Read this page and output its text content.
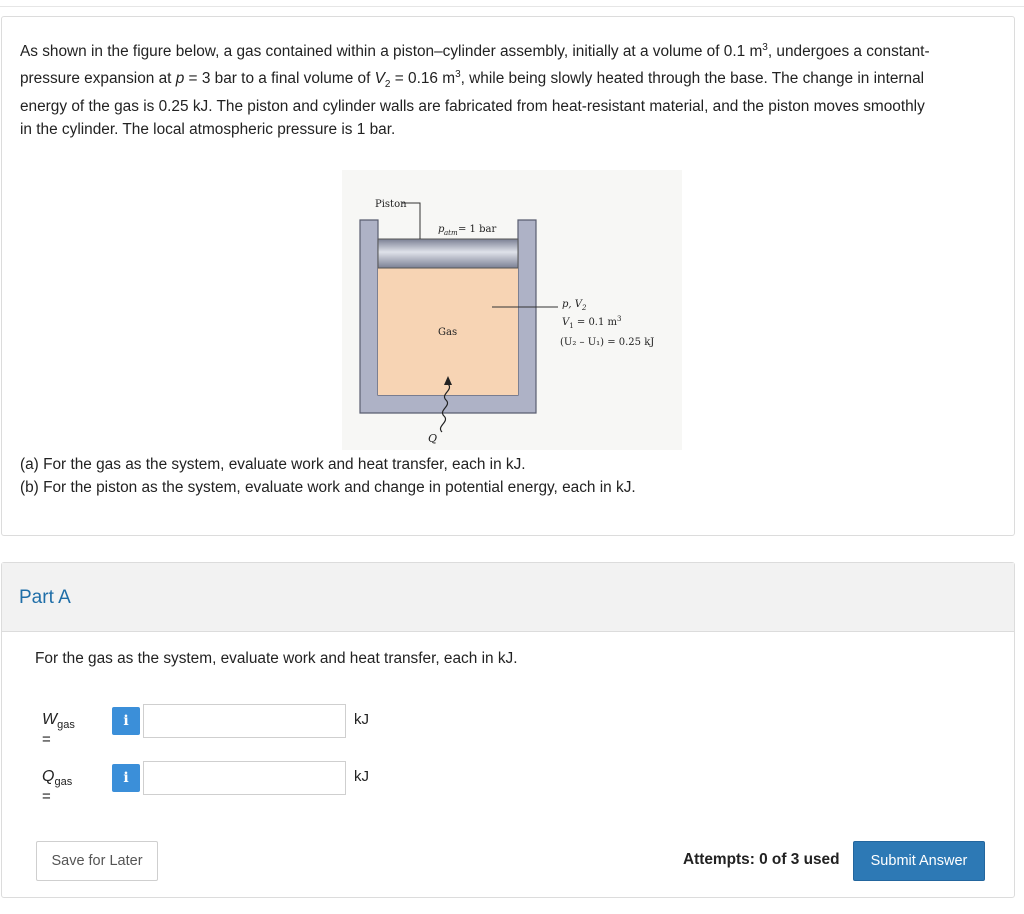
As shown in the figure below, a gas contained within a piston–cylinder assembly, initially at a volume of 0.1 $m^3$, undergoes a constant-
pressure expansion at p = 3 bar to a final volume of $V_2 = 0.16$ $m^3$, while being slowly heated through the base. The change in internal
energy of the gas is 0.25 kJ. The piston and cylinder walls are fabricated from heat-resistant material, and the piston moves smoothly
in the cylinder. The local atmospheric pressure is 1 bar.
Piston
p atm = 1 bar
Gas
p, $V_2$
$V_1 = 0.1$ $m^3$
(U₂ – U₁) = 0.25 kJ
Q
(a) For the gas as the system, evaluate work and heat transfer, each in kJ.
(b) For the piston as the system, evaluate work and change in potential energy, each in kJ.
Part A
For the gas as the system, evaluate work and heat transfer, each in kJ.
$W_{gas}$ =
i	kJ
$Q_{gas}$ =
i	kJ
Save for Later	Attempts: 0 of 3 used	Submit Answer
